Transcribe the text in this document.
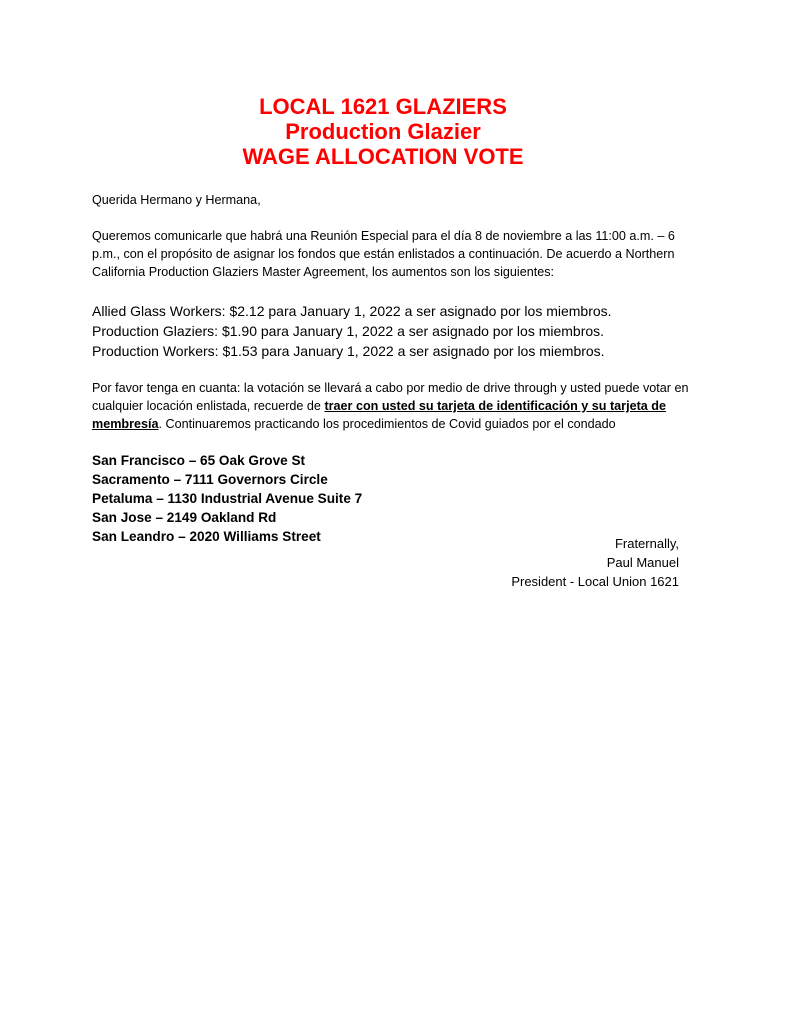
LOCAL 1621 GLAZIERS
Production Glazier
WAGE ALLOCATION VOTE

Querida Hermano y Hermana,

Queremos comunicarle que habrá una Reunión Especial para el día 8 de noviembre a las 11:00 a.m. – 6 p.m., con el propósito de asignar los fondos que están enlistados a continuación. De acuerdo a Northern California Production Glaziers Master Agreement, los aumentos son los siguientes:

Allied Glass Workers: $2.12 para January 1, 2022 a ser asignado por los miembros.
Production Glaziers: $1.90 para January 1, 2022 a ser asignado por los miembros.
Production Workers: $1.53 para January 1, 2022 a ser asignado por los miembros.

Por favor tenga en cuanta: la votación se llevará a cabo por medio de drive through y usted puede votar en cualquier locación enlistada, recuerde de traer con usted su tarjeta de identificación y su tarjeta de membresía. Continuaremos practicando los procedimientos de Covid guiados por el condado

San Francisco – 65 Oak Grove St
Sacramento – 7111 Governors Circle
Petaluma – 1130 Industrial Avenue Suite 7
San Jose – 2149 Oakland Rd
San Leandro – 2020 Williams Street	Fraternally,
Paul Manuel
President - Local Union 1621
